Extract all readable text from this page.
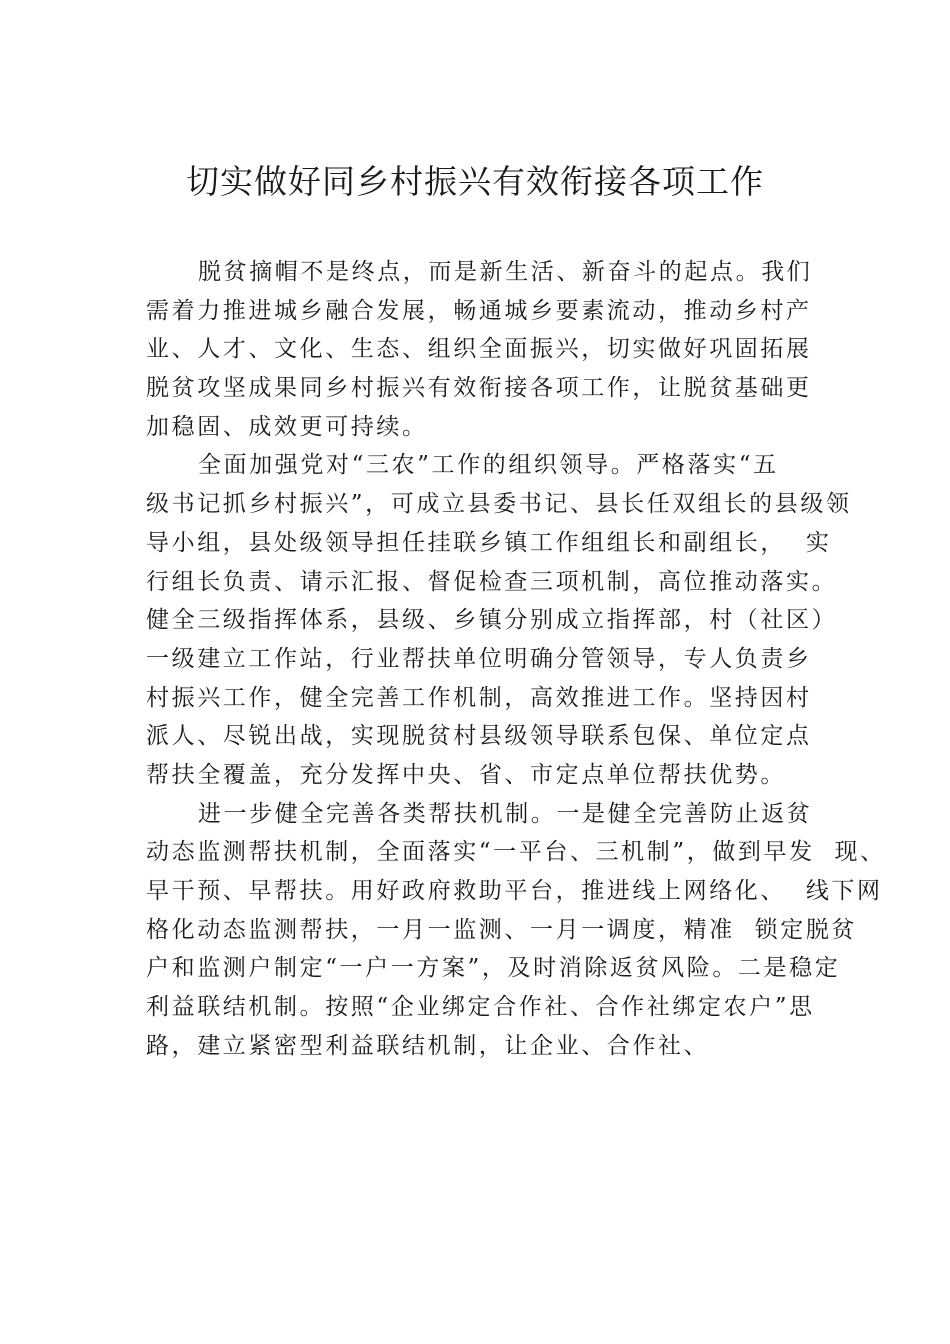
切实做好同乡村振兴有效衔接各项工作
脱贫摘帽不是终点，而是新生活、新奋斗的起点。我们
需着力推进城乡融合发展，畅通城乡要素流动，推动乡村产
业、人才、文化、生态、组织全面振兴，切实做好巩固拓展
脱贫攻坚成果同乡村振兴有效衔接各项工作，让脱贫基础更
加稳固、成效更可持续。
全面加强党对“三农”工作的组织领导。严格落实“五
级书记抓乡村振兴”，可成立县委书记、县长任双组长的县级领
导小组，县处级领导担任挂联乡镇工作组组长和副组长，  实
行组长负责、请示汇报、督促检查三项机制，高位推动落实。
健全三级指挥体系，县级、乡镇分别成立指挥部，村（社区）
一级建立工作站，行业帮扶单位明确分管领导，专人负责乡
村振兴工作，健全完善工作机制，高效推进工作。坚持因村
派人、尽锐出战，实现脱贫村县级领导联系包保、单位定点
帮扶全覆盖，充分发挥中央、省、市定点单位帮扶优势。
进一步健全完善各类帮扶机制。一是健全完善防止返贫
动态监测帮扶机制，全面落实“一平台、三机制”，做到早发  现、
早干预、早帮扶。用好政府救助平台，推进线上网络化、  线下网
格化动态监测帮扶，一月一监测、一月一调度，精准  锁定脱贫
户和监测户制定“一户一方案”，及时消除返贫风险。二是稳定
利益联结机制。按照“企业绑定合作社、合作社绑定农户”思
路，建立紧密型利益联结机制，让企业、合作社、
